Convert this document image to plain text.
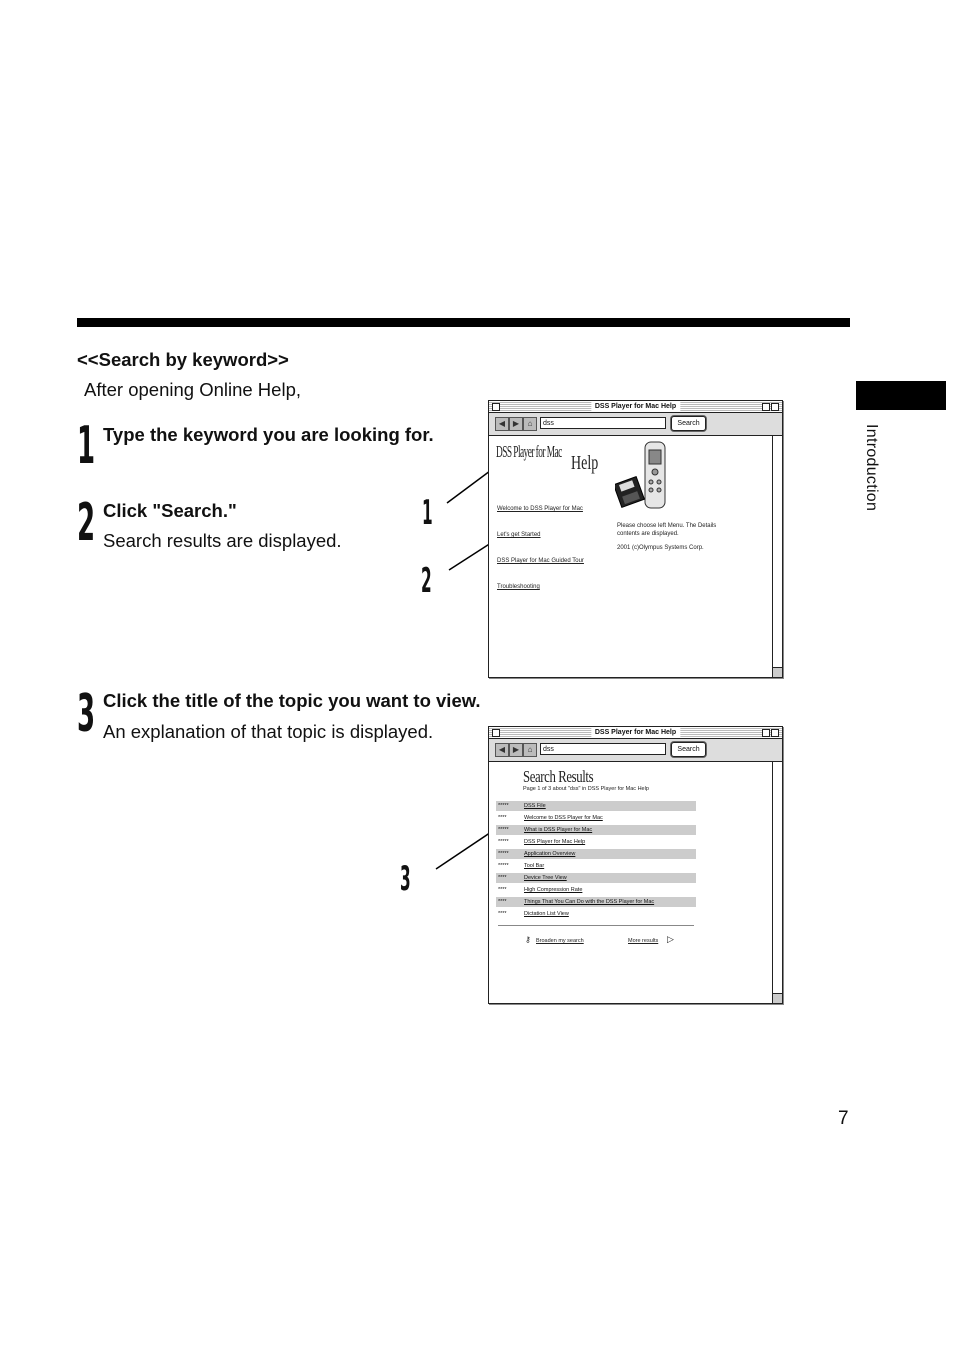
Introduction
<<Search by keyword>>
After opening Online Help,
1 Type the keyword you are looking for.
2 Click "Search."
Search results are displayed.
3 Click the title of the topic you want to view.
An explanation of that topic is displayed.
1
2
3
DSS Player for Mac Help
◀ ▶	⌂	dss	Search
DSS Player for Mac
Help
Welcome to DSS Player for Mac
Let's get Started
DSS Player for Mac Guided Tour
Troubleshooting
Please choose left Menu. The Details contents are displayed.
2001 (c)Olympus Systems Corp.
DSS Player for Mac Help
◀ ▶	⌂	dss	Search
Search Results
Page 1 of 3 about "dss" in DSS Player for Mac Help
*****	DSS File
****	Welcome to DSS Player for Mac
*****	What is DSS Player for Mac
*****	DSS Player for Mac Help
*****	Application Overview
*****	Tool Bar
****	Device Tree View
****	High Compression Rate
****	Things That You Can Do with the DSS Player for Mac
****	Dictation List View
⚷ Broaden my search	More results ▷
7
